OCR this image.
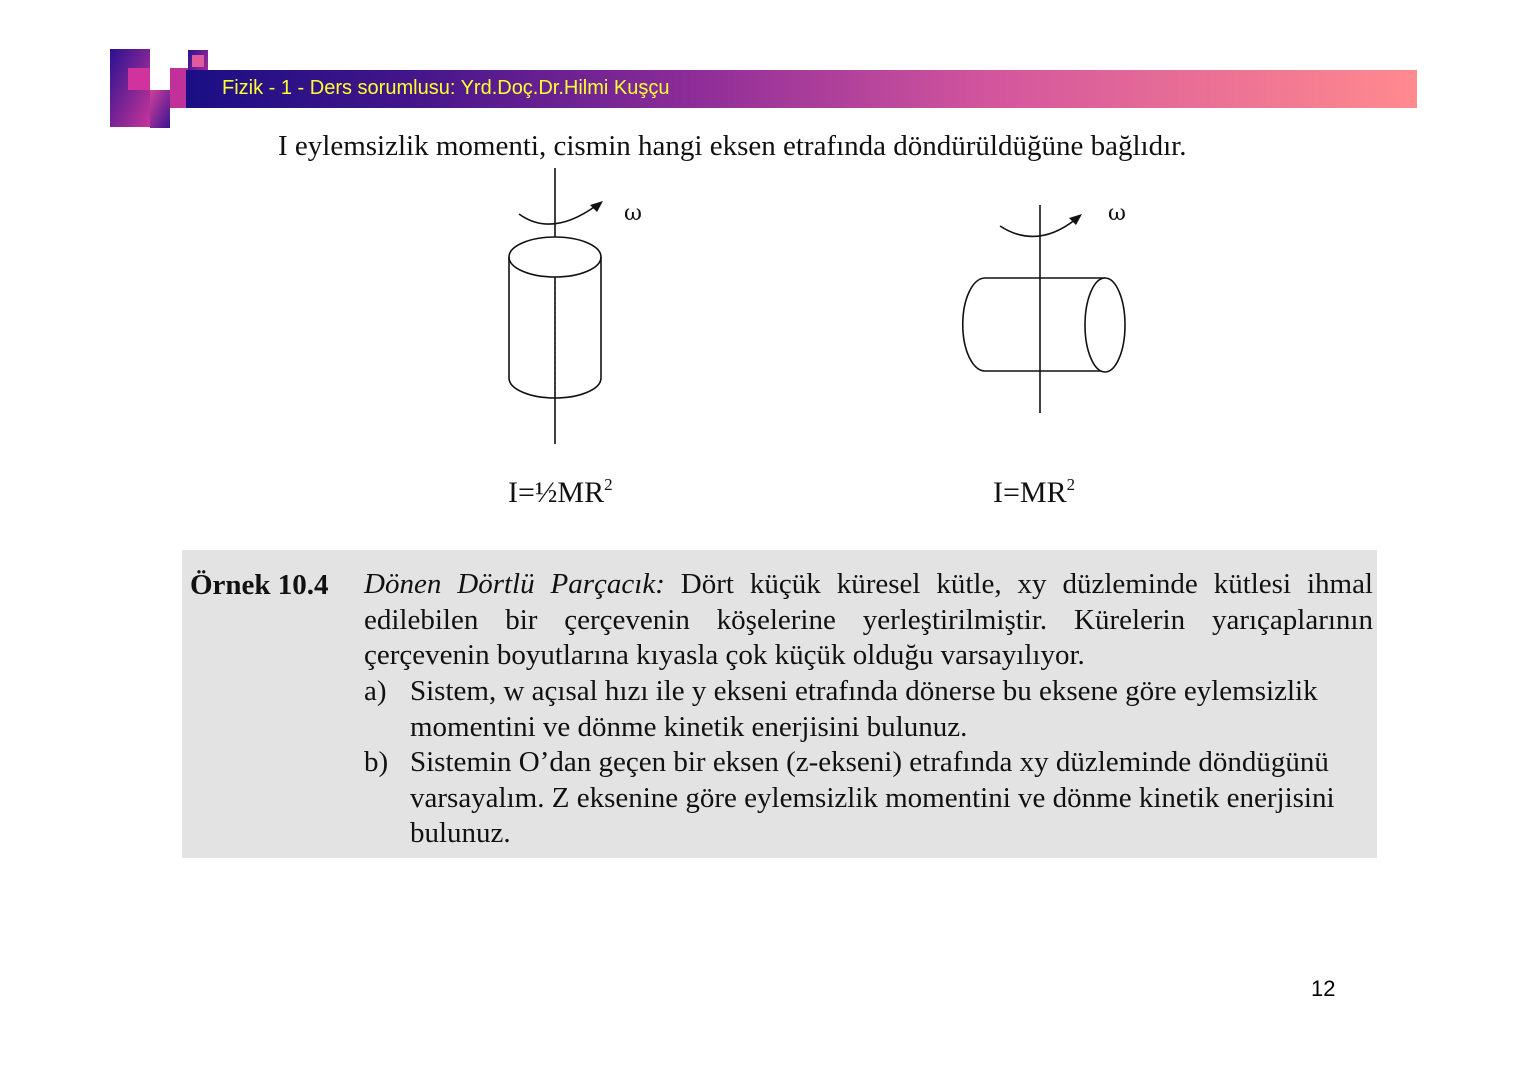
Fizik - 1 - Ders sorumlusu: Yrd.Doç.Dr.Hilmi Kuşçu
I eylemsizlik momenti, cismin hangi eksen etrafında döndürüldüğüne bağlıdır.
ω	ω
$I=\frac{1}{2}MR^2$	$I=MR^2$
Örnek 10.4 Dönen Dörtlü Parçacık: Dört küçük küresel kütle, xy düzleminde kütlesi ihmal edilebilen bir çerçevenin köşelerine yerleştirilmiştir. Kürelerin yarıçaplarının çerçevenin boyutlarına kıyasla çok küçük olduğu varsayılıyor.
a) Sistem, w açısal hızı ile y ekseni etrafında dönerse bu eksene göre eylemsizlik momentini ve dönme kinetik enerjisini bulunuz.
b) Sistemin O’dan geçen bir eksen (z-ekseni) etrafında xy düzleminde döndügünü varsayalım. Z eksenine göre eylemsizlik momentini ve dönme kinetik enerjisini bulunuz.
12
